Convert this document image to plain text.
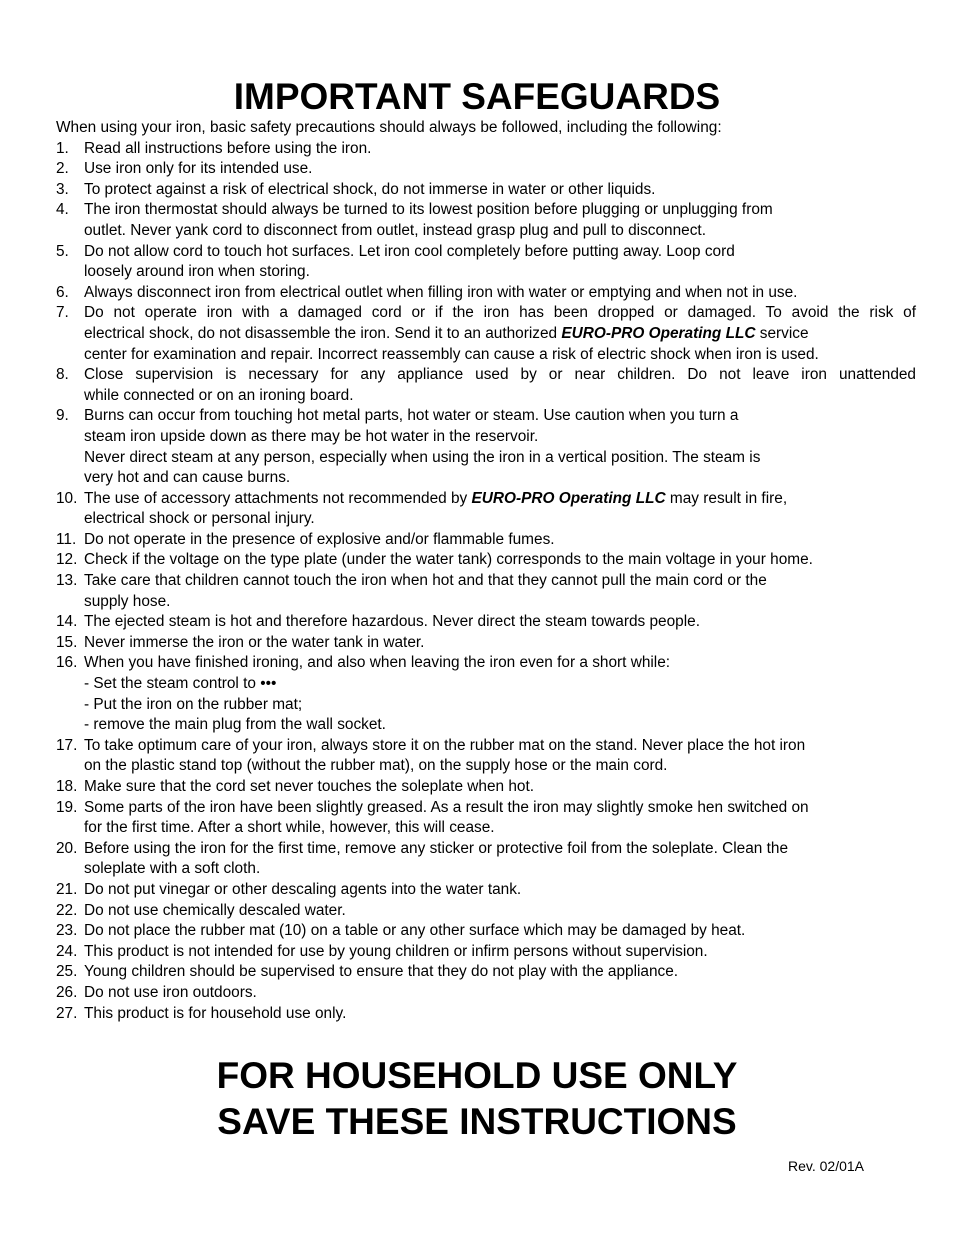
IMPORTANT SAFEGUARDS

When using your iron, basic safety precautions should always be followed, including the following:

1. Read all instructions before using the iron.
2. Use iron only for its intended use.
3. To protect against a risk of electrical shock, do not immerse in water or other liquids.
4. The iron thermostat should always be turned to its lowest position before plugging or unplugging from
outlet. Never yank cord to disconnect from outlet, instead grasp plug and pull to disconnect.
5. Do not allow cord to touch hot surfaces. Let iron cool completely before putting away. Loop cord
loosely around iron when storing.
6. Always disconnect iron from electrical outlet when filling iron with water or emptying and when not in use.
7. Do not operate iron with a damaged cord or if the iron has been dropped or damaged. To avoid the risk of
electrical shock, do not disassemble the iron. Send it to an authorized EURO-PRO Operating LLC service
center for examination and repair. Incorrect reassembly can cause a risk of electric shock when iron is used.
8. Close supervision is necessary for any appliance used by or near children. Do not leave iron unattended
while connected or on an ironing board.
9. Burns can occur from touching hot metal parts, hot water or steam. Use caution when you turn a
steam iron upside down as there may be hot water in the reservoir.
Never direct steam at any person, especially when using the iron in a vertical position. The steam is
very hot and can cause burns.
10. The use of accessory attachments not recommended by EURO-PRO Operating LLC may result in fire,
electrical shock or personal injury.
11. Do not operate in the presence of explosive and/or flammable fumes.
12. Check if the voltage on the type plate (under the water tank) corresponds to the main voltage in your home.
13. Take care that children cannot touch the iron when hot and that they cannot pull the main cord or the
supply hose.
14. The ejected steam is hot and therefore hazardous. Never direct the steam towards people.
15. Never immerse the iron or the water tank in water.
16. When you have finished ironing, and also when leaving the iron even for a short while:
- Set the steam control to •••
- Put the iron on the rubber mat;
- remove the main plug from the wall socket.
17. To take optimum care of your iron, always store it on the rubber mat on the stand. Never place the hot iron
on the plastic stand top (without the rubber mat), on the supply hose or the main cord.
18. Make sure that the cord set never touches the soleplate when hot.
19. Some parts of the iron have been slightly greased. As a result the iron may slightly smoke hen switched on
for the first time. After a short while, however, this will cease.
20. Before using the iron for the first time, remove any sticker or protective foil from the soleplate. Clean the
soleplate with a soft cloth.
21. Do not put vinegar or other descaling agents into the water tank.
22. Do not use chemically descaled water.
23. Do not place the rubber mat (10) on a table or any other surface which may be damaged by heat.
24. This product is not intended for use by young children or infirm persons without supervision.
25. Young children should be supervised to ensure that they do not play with the appliance.
26. Do not use iron outdoors.
27. This product is for household use only.
FOR HOUSEHOLD USE ONLY
SAVE THESE INSTRUCTIONS
Rev. 02/01A
